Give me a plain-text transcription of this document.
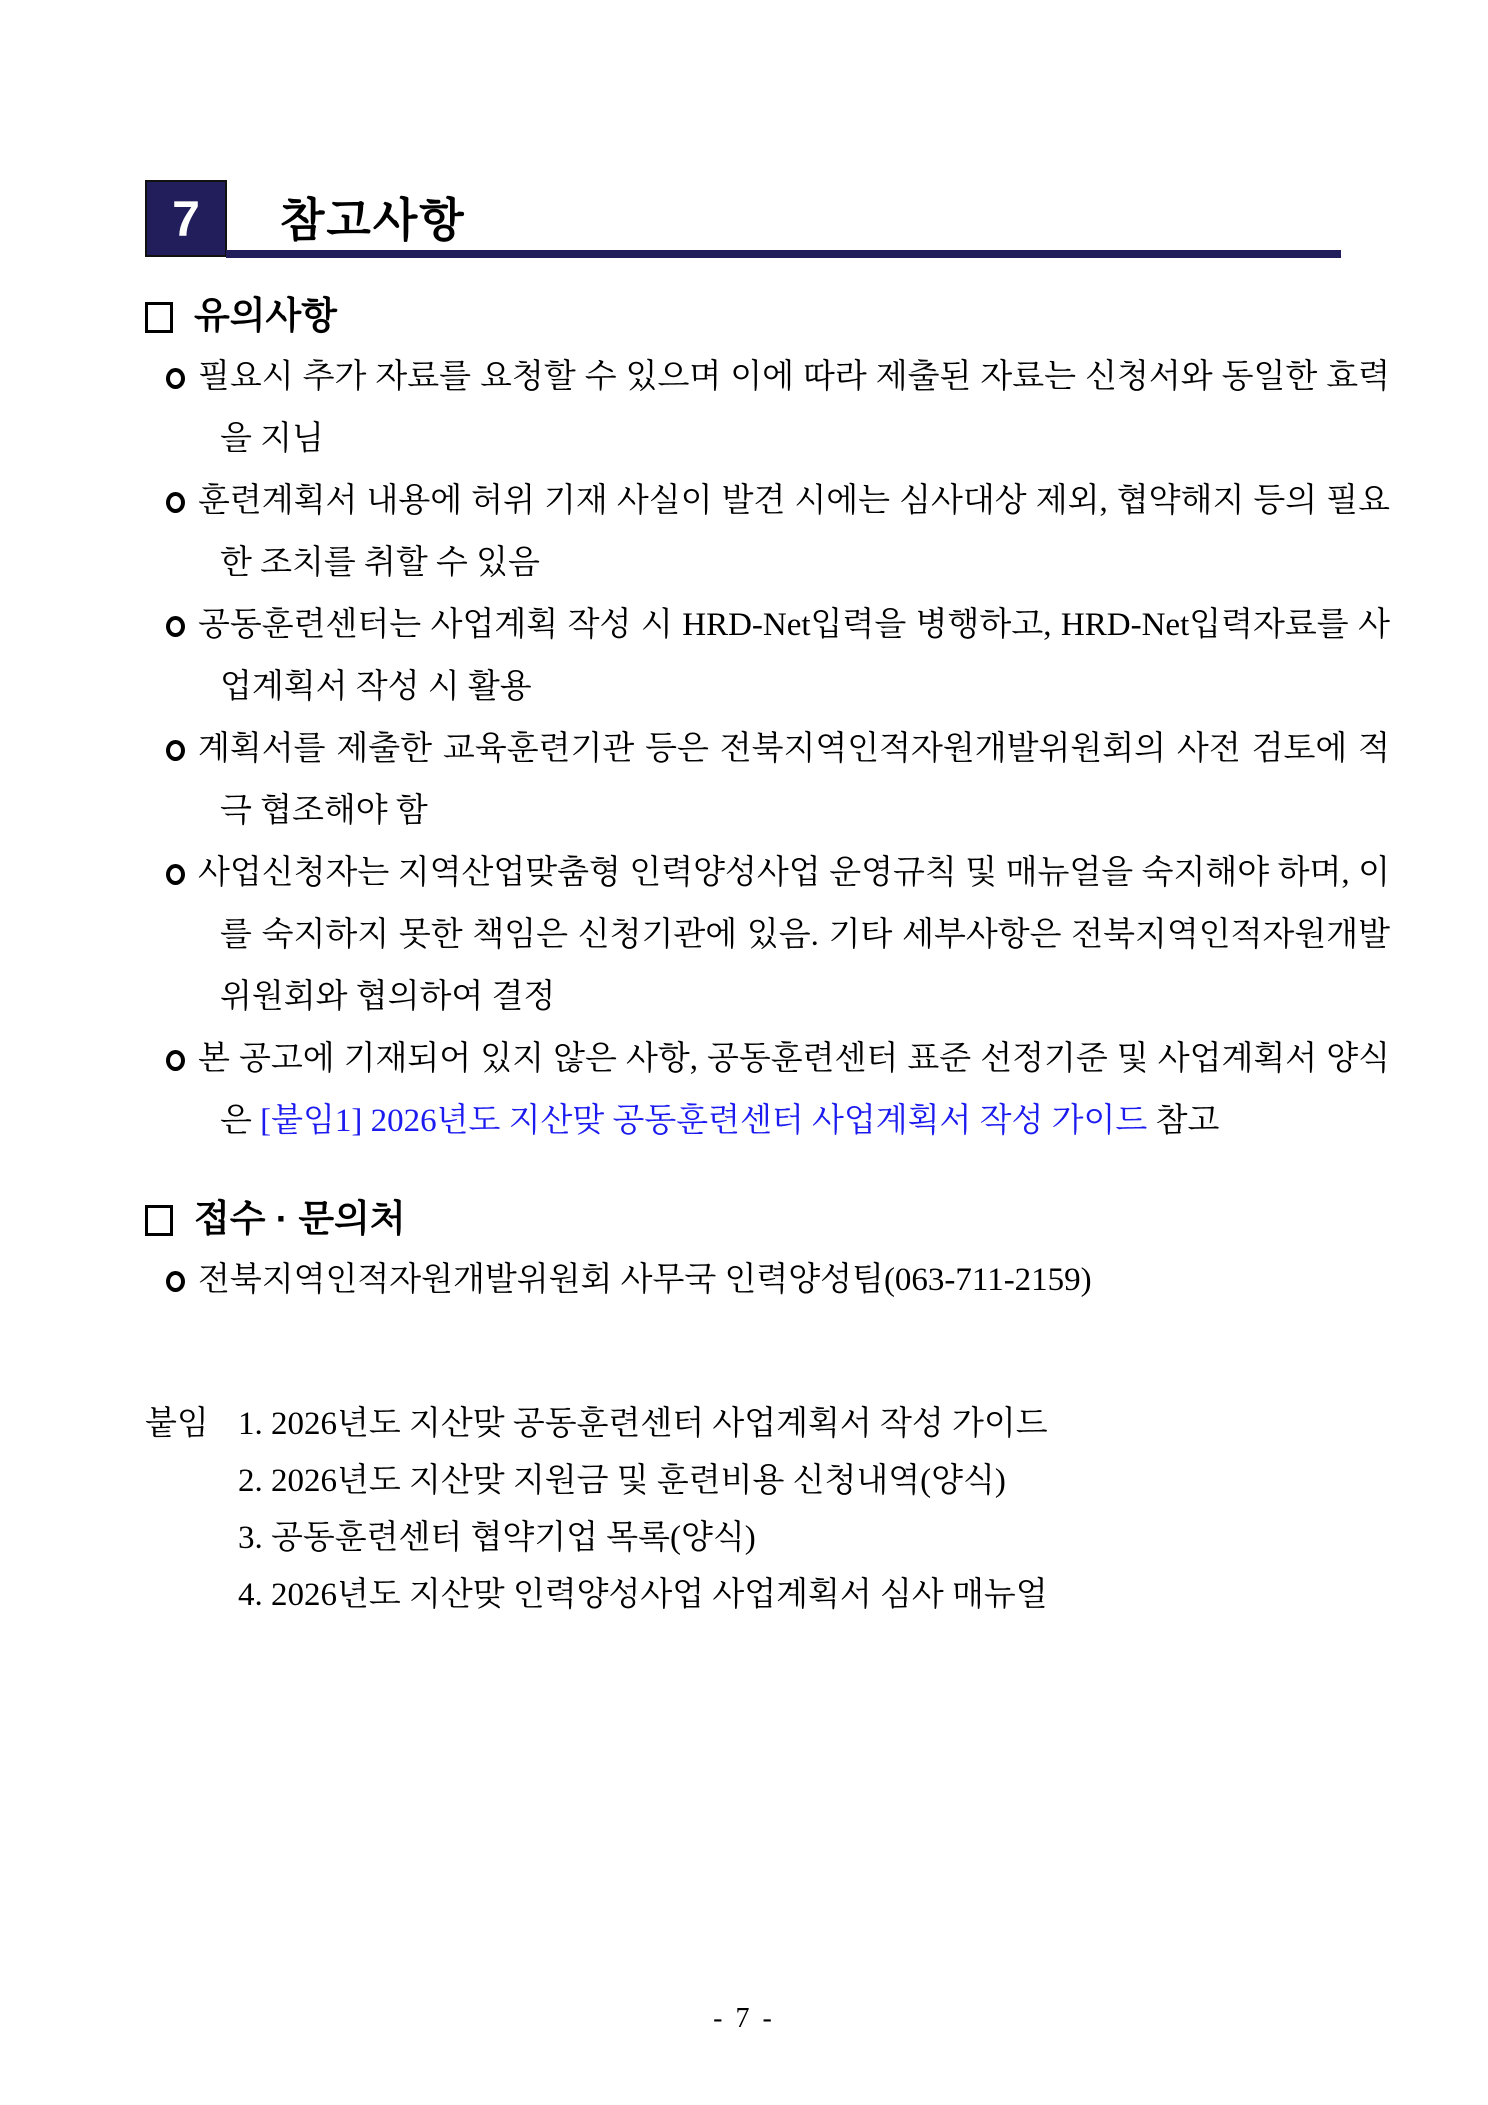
7 참고사항
유의사항

필요시 추가 자료를 요청할 수 있으며 이에 따라 제출된 자료는 신청서와 동일한 효력을 지님

훈련계획서 내용에 허위 기재 사실이 발견 시에는 심사대상 제외, 협약해지 등의 필요한 조치를 취할 수 있음

공동훈련센터는 사업계획 작성 시 HRD-Net입력을 병행하고, HRD-Net입력자료를 사업계획서 작성 시 활용

계획서를 제출한 교육훈련기관 등은 전북지역인적자원개발위원회의 사전 검토에 적극 협조해야 함

사업신청자는 지역산업맞춤형 인력양성사업 운영규칙 및 매뉴얼을 숙지해야 하며, 이를 숙지하지 못한 책임은 신청기관에 있음. 기타 세부사항은 전북지역인적자원개발위원회와 협의하여 결정

본 공고에 기재되어 있지 않은 사항, 공동훈련센터 표준 선정기준 및 사업계획서 양식은 [붙임1] 2026년도 지산맞 공동훈련센터 사업계획서 작성 가이드 참고

접수 · 문의처

전북지역인적자원개발위원회 사무국 인력양성팀(063-711-2159)

붙임 1. 2026년도 지산맞 공동훈련센터 사업계획서 작성 가이드
2. 2026년도 지산맞 지원금 및 훈련비용 신청내역(양식)
3. 공동훈련센터 협약기업 목록(양식)
4. 2026년도 지산맞 인력양성사업 사업계획서 심사 매뉴얼
- 7 -
